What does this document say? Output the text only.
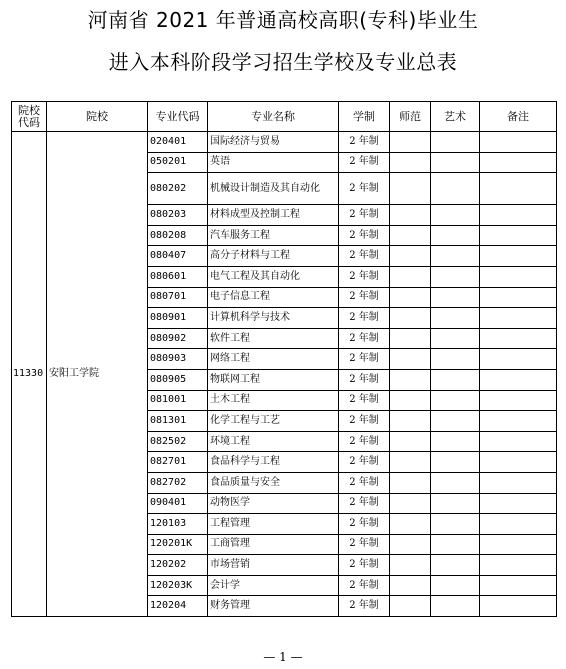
河南省 2021 年普通高校高职(专科)毕业生
进入本科阶段学习招生学校及专业总表
院校代码	院校	专业代码	专业名称	学制	师范	艺术	备注
11330	安阳工学院	020401	国际经济与贸易	2 年制			
		050201	英语	2 年制			
		080202	机械设计制造及其自动化	2 年制			
		080203	材料成型及控制工程	2 年制			
		080208	汽车服务工程	2 年制			
		080407	高分子材料与工程	2 年制			
		080601	电气工程及其自动化	2 年制			
		080701	电子信息工程	2 年制			
		080901	计算机科学与技术	2 年制			
		080902	软件工程	2 年制			
		080903	网络工程	2 年制			
		080905	物联网工程	2 年制			
		081001	土木工程	2 年制			
		081301	化学工程与工艺	2 年制			
		082502	环境工程	2 年制			
		082701	食品科学与工程	2 年制			
		082702	食品质量与安全	2 年制			
		090401	动物医学	2 年制			
		120103	工程管理	2 年制			
		120201K	工商管理	2 年制			
		120202	市场营销	2 年制			
		120203K	会计学	2 年制			
		120204	财务管理	2 年制			
— 1 —
